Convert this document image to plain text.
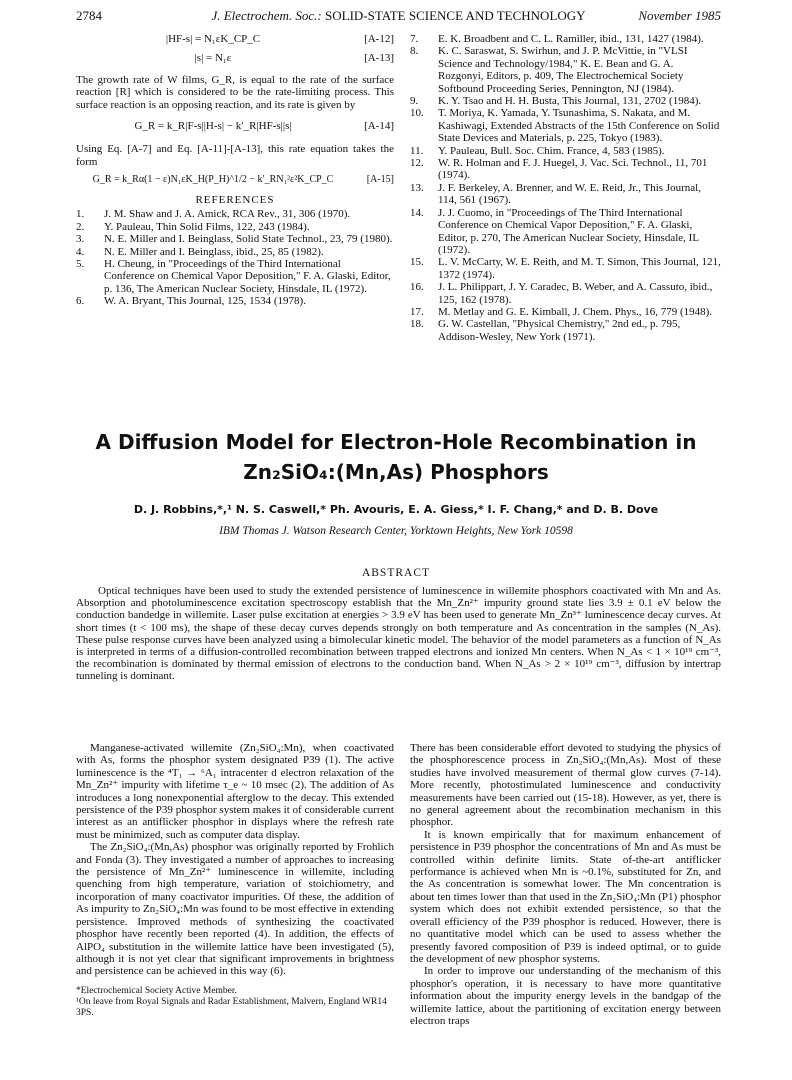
2784	J. Electrochem. Soc.: SOLID-STATE SCIENCE AND TECHNOLOGY	November 1985
|HF-s| = N₁εK_CP_C	[A-12]
|s| = N₁ε	[A-13]

The growth rate of W films, G_R, is equal to the rate of the surface reaction [R] which is considered to be the rate-limiting process. This surface reaction is an opposing reaction, and its rate is given by

G_R = k_R|F-s||H-s| − k′_R|HF-s||s|	[A-14]

Using Eq. [A-7] and Eq. [A-11]-[A-13], this rate equation takes the form

G_R = k_Rα(1 − ε)N₁εK_H(P_H)^1/2 − k′_RN₁²ε²K_CP_C	[A-15]
REFERENCES
1.	J. M. Shaw and J. A. Amick, RCA Rev., 31, 306 (1970).
2.	Y. Pauleau, Thin Solid Films, 122, 243 (1984).
3.	N. E. Miller and I. Beinglass, Solid State Technol., 23, 79 (1980).
4.	N. E. Miller and I. Beinglass, ibid., 25, 85 (1982).
5.	H. Cheung, in "Proceedings of the Third International Conference on Chemical Vapor Deposition," F. A. Glaski, Editor, p. 136, The American Nuclear Society, Hinsdale, IL (1972).
6.	W. A. Bryant, This Journal, 125, 1534 (1978).
7.	E. K. Broadbent and C. L. Ramiller, ibid., 131, 1427 (1984).
8.	K. C. Saraswat, S. Swirhun, and J. P. McVittie, in "VLSI Science and Technology/1984," K. E. Bean and G. A. Rozgonyi, Editors, p. 409, The Electrochemical Society Softbound Proceeding Series, Pennington, NJ (1984).
9.	K. Y. Tsao and H. H. Busta, This Journal, 131, 2702 (1984).
10.	T. Moriya, K. Yamada, Y. Tsunashima, S. Nakata, and M. Kashiwagi, Extended Abstracts of the 15th Conference on Solid State Devices and Materials, p. 225, Tokyo (1983).
11.	Y. Pauleau, Bull. Soc. Chim. France, 4, 583 (1985).
12.	W. R. Holman and F. J. Huegel, J. Vac. Sci. Technol., 11, 701 (1974).
13.	J. F. Berkeley, A. Brenner, and W. E. Reid, Jr., This Journal, 114, 561 (1967).
14.	J. J. Cuomo, in "Proceedings of The Third International Conference on Chemical Vapor Deposition," F. A. Glaski, Editor, p. 270, The American Nuclear Society, Hinsdale, IL (1972).
15.	L. V. McCarty, W. E. Reith, and M. T. Simon, This Journal, 121, 1372 (1974).
16.	J. L. Philippart, J. Y. Caradec, B. Weber, and A. Cassuto, ibid., 125, 162 (1978).
17.	M. Metlay and G. E. Kimball, J. Chem. Phys., 16, 779 (1948).
18.	G. W. Castellan, "Physical Chemistry," 2nd ed., p. 795, Addison-Wesley, New York (1971).
A Diffusion Model for Electron-Hole Recombination in
Zn₂SiO₄:(Mn,As) Phosphors
D. J. Robbins,*,¹ N. S. Caswell,* Ph. Avouris, E. A. Giess,* I. F. Chang,* and D. B. Dove
IBM Thomas J. Watson Research Center, Yorktown Heights, New York 10598
ABSTRACT

Optical techniques have been used to study the extended persistence of luminescence in willemite phosphors coactivated with Mn and As. Absorption and photoluminescence excitation spectroscopy establish that the Mn_Zn²⁺ impurity ground state lies 3.9 ± 0.1 eV below the conduction bandedge in willemite. Laser pulse excitation at energies > 3.9 eV has been used to generate Mn_Zn³⁺ luminescence decay curves. At short times (t < 100 ms), the shape of these decay curves depends strongly on both temperature and As concentration in the samples (N_As). These pulse response curves have been analyzed using a bimolecular kinetic model. The behavior of the model parameters as a function of N_As is interpreted in terms of a diffusion-controlled recombination between trapped electrons and ionized Mn centers. When N_As < 1 × 10¹⁹ cm⁻³, the recombination is dominated by thermal emission of electrons to the conduction band. When N_As > 2 × 10¹⁹ cm⁻³, diffusion by intertrap tunneling is dominant.

Manganese-activated willemite (Zn₂SiO₄:Mn), when coactivated with As, forms the phosphor system designated P39 (1). The active luminescence is the ⁴T₁ → ⁶A₁ intracenter d electron relaxation of the Mn_Zn²⁺ impurity with lifetime τ_e ~ 10 msec (2). The addition of As introduces a long nonexponential afterglow to the decay. This extended persistence of the P39 phosphor system makes it of considerable current interest as an antiflicker phosphor in displays where the refresh rate must be minimized, such as computer data display.

The Zn₂SiO₄:(Mn,As) phosphor was originally reported by Frohlich and Fonda (3). They investigated a number of approaches to increasing the persistence of Mn_Zn²⁺ luminescence in willemite, including quenching from high temperature, variation of stoichiometry, and incorporation of many coactivator impurities. Of these, the addition of As impurity to Zn₂SiO₄:Mn was found to be most effective in extending persistence. Improved methods of synthesizing the coactivated phosphor have recently been reported (4). In addition, the effects of AlPO₄ substitution in the willemite lattice have been investigated (5), although it is not yet clear that significant improvements in brightness and persistence can be achieved in this way (6).

*Electrochemical Society Active Member.
¹On leave from Royal Signals and Radar Establishment, Malvern, England WR14 3PS.

There has been considerable effort devoted to studying the physics of the phosphorescence process in Zn₂SiO₄:(Mn,As). Most of these studies have involved measurement of thermal glow curves (7-14). More recently, photostimulated luminescence and conductivity measurements have been carried out (15-18). However, as yet, there is no general agreement about the recombination mechanism in this phosphor.

It is known empirically that for maximum enhancement of persistence in P39 phosphor the concentrations of Mn and As must be controlled within definite limits. State of-the-art antiflicker performance is achieved when Mn is ~0.1%, substituted for Zn, and the As concentration is somewhat lower. The Mn concentration is about ten times lower than that used in the Zn₂SiO₄:Mn (P1) phosphor system which does not exhibit extended persistence, so that the overall efficiency of the P39 phosphor is reduced. However, there is no quantitative model which can be used to assess whether the presently favored composition of P39 is indeed optimal, or to guide the development of new phosphor systems.

In order to improve our understanding of the mechanism of this phosphor's operation, it is necessary to have more quantitative information about the impurity energy levels in the bandgap of the willemite lattice, about the partitioning of excitation energy between electron traps
